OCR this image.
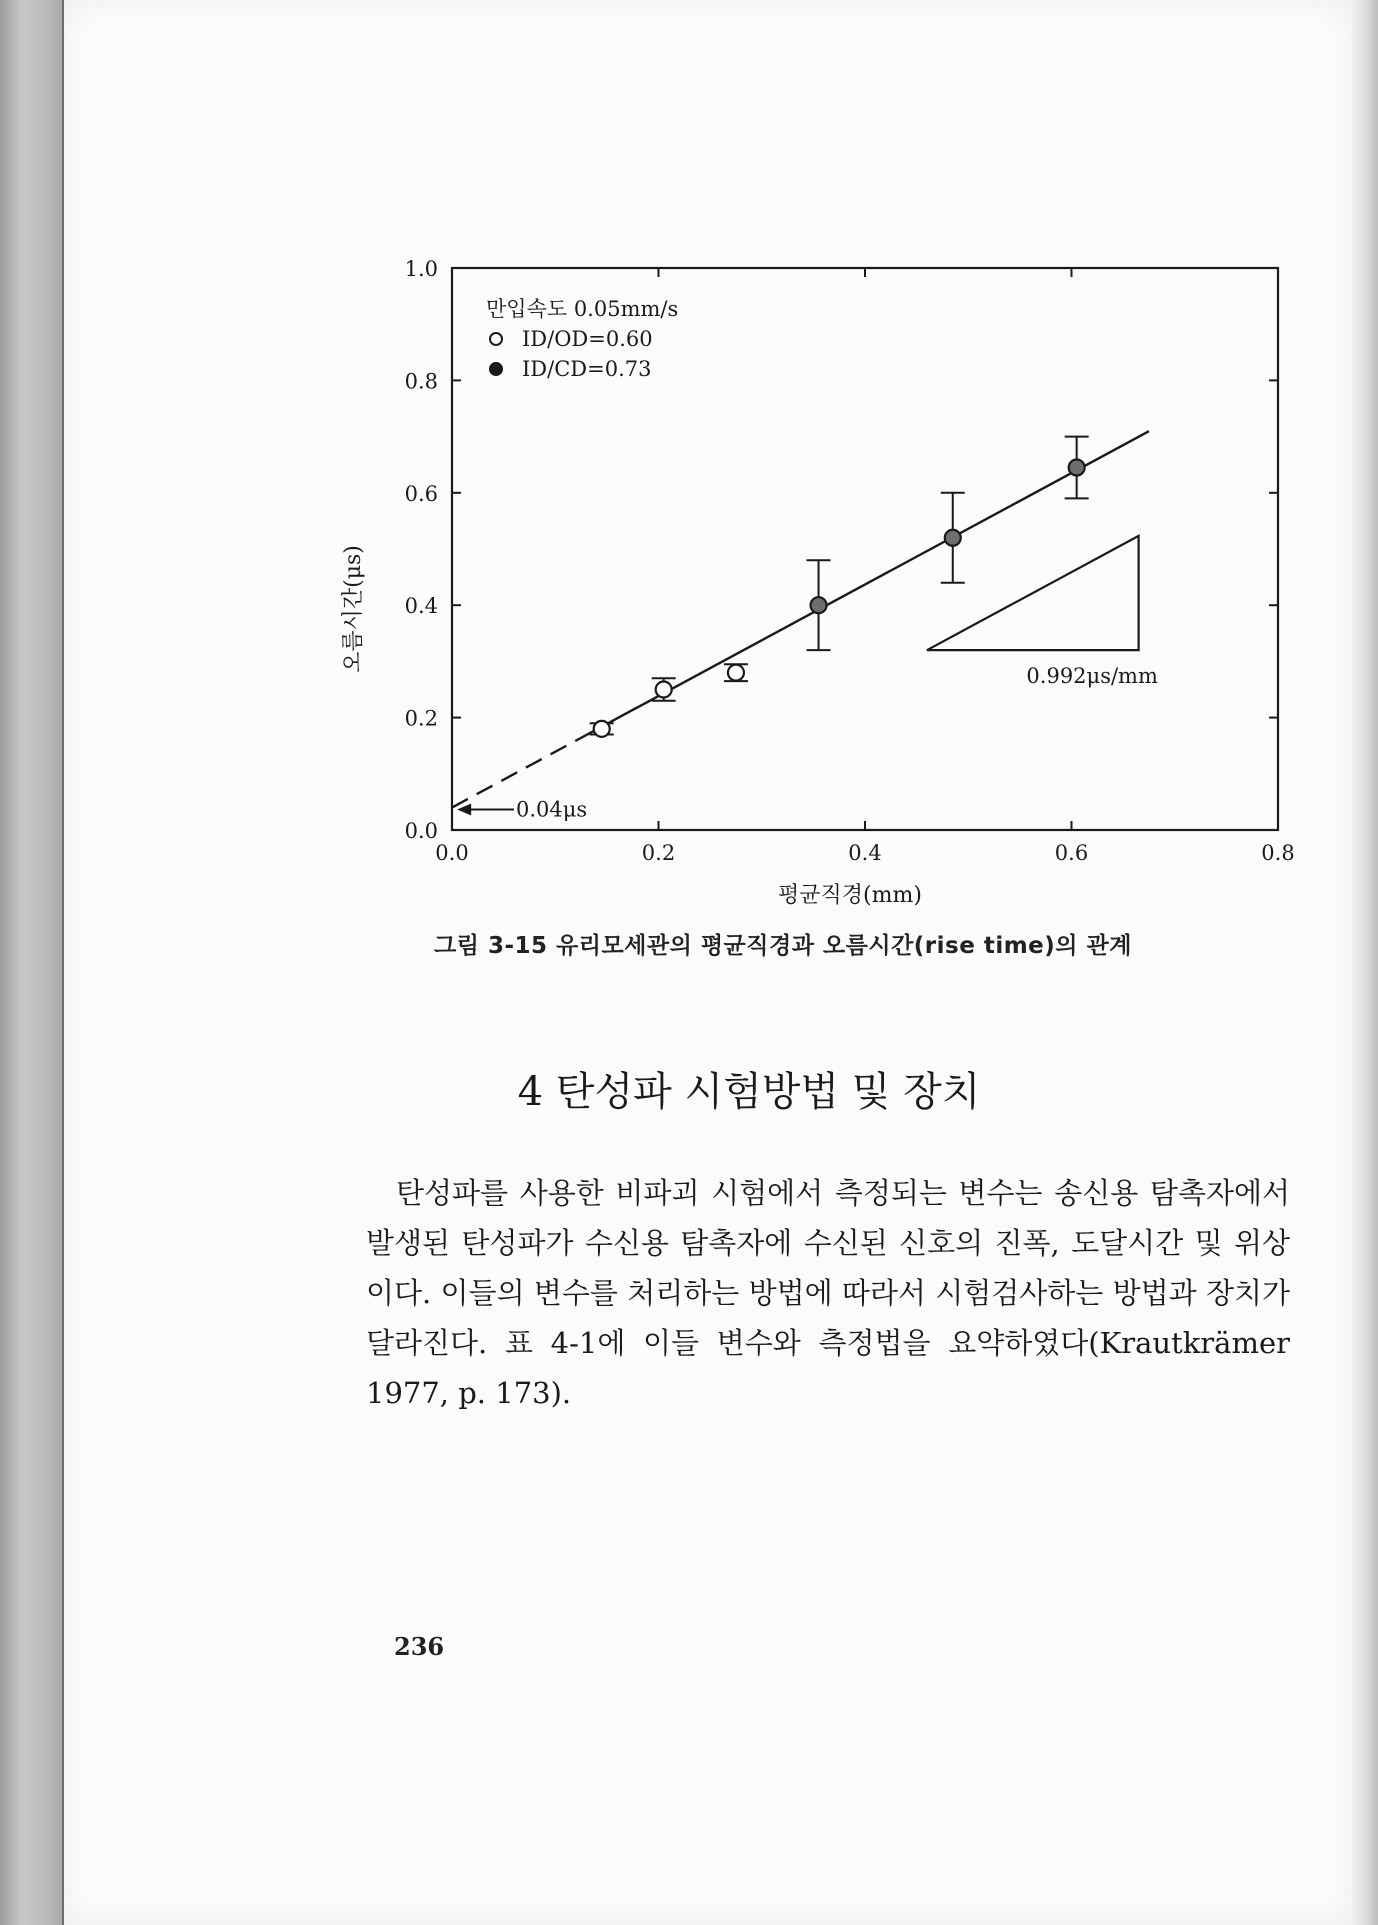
0.0	0.2	0.4	0.6	0.8
0.0
0.2
0.4
0.6
0.8
1.0
0.992μs/mm
0.04μs
만입속도 0.05mm/s
ID/OD=0.60
ID/CD=0.73
평균직경(mm)
오름시간(μs)
그림 3-15 유리모세관의 평균직경과 오름시간(rise time)의 관계
4 탄성파 시험방법 및 장치
탄성파를 사용한 비파괴 시험에서 측정되는 변수는 송신용 탐촉자에서 발생된 탄성파가 수신용 탐촉자에 수신된 신호의 진폭, 도달시간 및 위상이다. 이들의 변수를 처리하는 방법에 따라서 시험검사하는 방법과 장치가 달라진다. 표 4-1에 이들 변수와 측정법을 요약하였다(Krautkrämer 1977, p. 173).
236
